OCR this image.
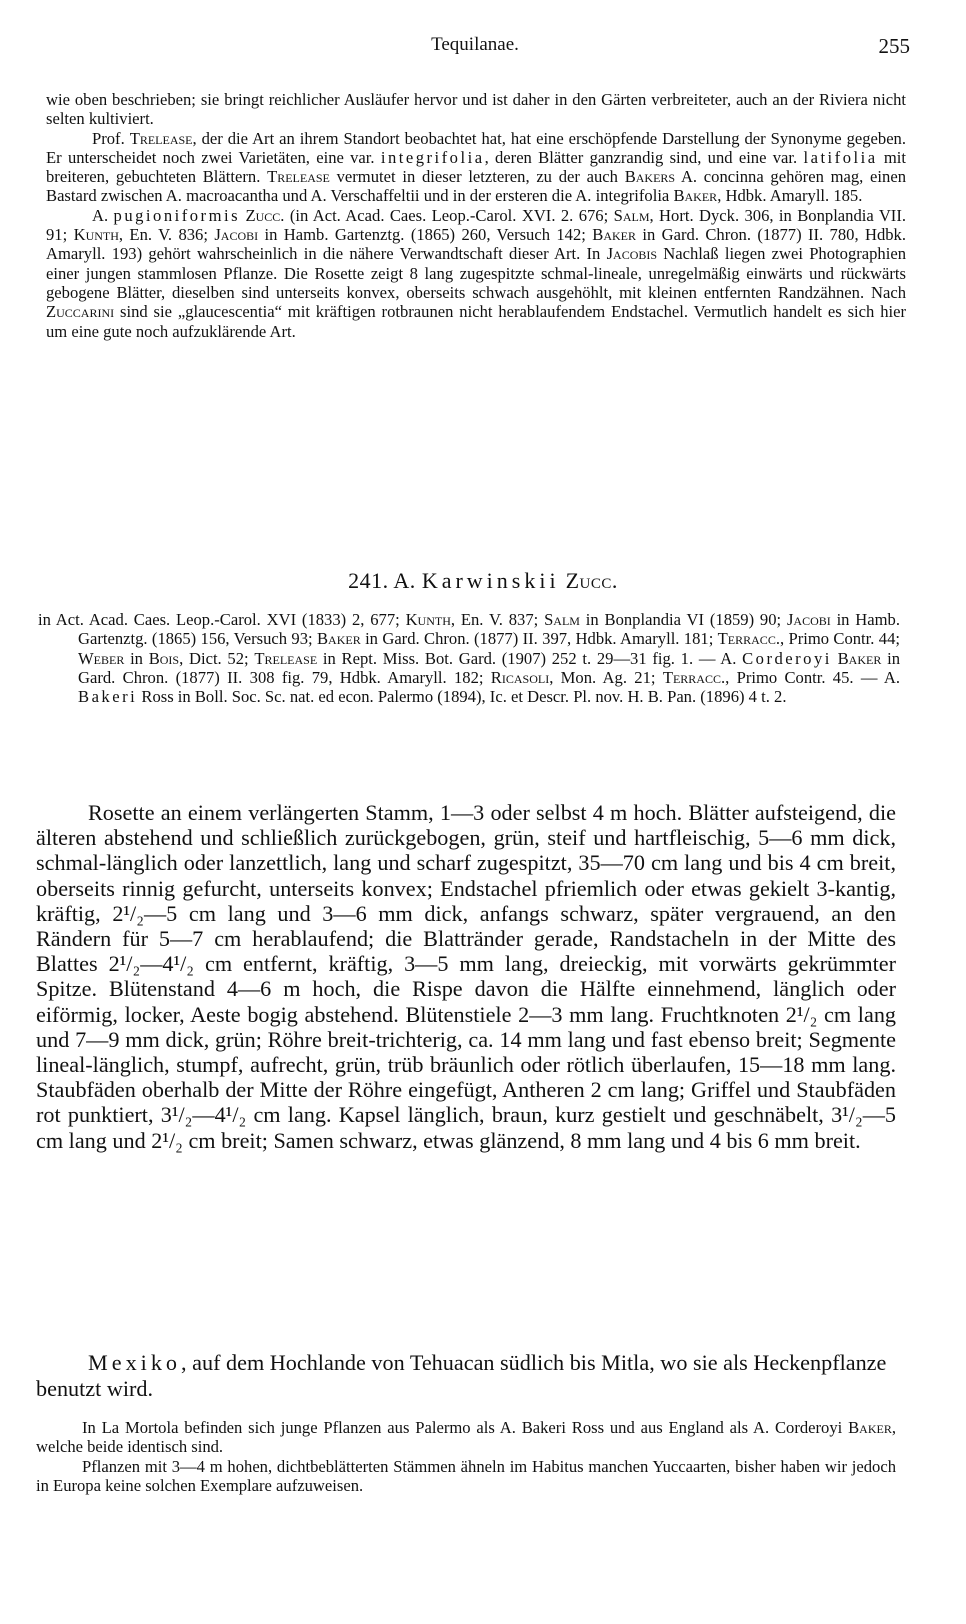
Tequilanae.	255

wie oben beschrieben; sie bringt reichlicher Ausläufer hervor und ist daher in den Gärten verbreiteter, auch an der Riviera nicht selten kultiviert.

Prof. Trelease, der die Art an ihrem Standort beobachtet hat, hat eine erschöpfende Darstellung der Synonyme gegeben. Er unterscheidet noch zwei Varietäten, eine var. integrifolia, deren Blätter ganzrandig sind, und eine var. latifolia mit breiteren, gebuchteten Blättern. Trelease vermutet in dieser letzteren, zu der auch Bakers A. concinna gehören mag, einen Bastard zwischen A. macroacantha und A. Verschaffeltii und in der ersteren die A. integrifolia Baker, Hdbk. Amaryll. 185.

A. pugioniformis Zucc. (in Act. Acad. Caes. Leop.-Carol. XVI. 2. 676; Salm, Hort. Dyck. 306, in Bonplandia VII. 91; Kunth, En. V. 836; Jacobi in Hamb. Gartenztg. (1865) 260, Versuch 142; Baker in Gard. Chron. (1877) II. 780, Hdbk. Amaryll. 193) gehört wahrscheinlich in die nähere Verwandtschaft dieser Art. In Jacobis Nachlaß liegen zwei Photographien einer jungen stammlosen Pflanze. Die Rosette zeigt 8 lang zugespitzte schmal-lineale, unregelmäßig einwärts und rückwärts gebogene Blätter, dieselben sind unterseits konvex, oberseits schwach ausgehöhlt, mit kleinen entfernten Randzähnen. Nach Zuccarini sind sie „glaucescentia“ mit kräftigen rotbraunen nicht herablaufendem Endstachel. Vermutlich handelt es sich hier um eine gute noch aufzuklärende Art.

241. A. Karwinskii Zucc.

in Act. Acad. Caes. Leop.-Carol. XVI (1833) 2, 677; Kunth, En. V. 837; Salm in Bonplandia VI (1859) 90; Jacobi in Hamb. Gartenztg. (1865) 156, Versuch 93; Baker in Gard. Chron. (1877) II. 397, Hdbk. Amaryll. 181; Terracc., Primo Contr. 44; Weber in Bois, Dict. 52; Trelease in Rept. Miss. Bot. Gard. (1907) 252 t. 29—31 fig. 1. — A. Corderoyi Baker in Gard. Chron. (1877) II. 308 fig. 79, Hdbk. Amaryll. 182; Ricasoli, Mon. Ag. 21; Terracc., Primo Contr. 45. — A. Bakeri Ross in Boll. Soc. Sc. nat. ed econ. Palermo (1894), Ic. et Descr. Pl. nov. H. B. Pan. (1896) 4 t. 2.

Rosette an einem verlängerten Stamm, 1—3 oder selbst 4 m hoch. Blätter aufsteigend, die älteren abstehend und schließlich zurückgebogen, grün, steif und hartfleischig, 5—6 mm dick, schmal-länglich oder lanzettlich, lang und scharf zugespitzt, 35—70 cm lang und bis 4 cm breit, oberseits rinnig gefurcht, unterseits konvex; Endstachel pfriemlich oder etwas gekielt 3-kantig, kräftig, 2¹/₂—5 cm lang und 3—6 mm dick, anfangs schwarz, später vergrauend, an den Rändern für 5—7 cm herablaufend; die Blattränder gerade, Randstacheln in der Mitte des Blattes 2¹/₂—4¹/₂ cm entfernt, kräftig, 3—5 mm lang, dreieckig, mit vorwärts gekrümmter Spitze. Blütenstand 4—6 m hoch, die Rispe davon die Hälfte einnehmend, länglich oder eiförmig, locker, Aeste bogig abstehend. Blütenstiele 2—3 mm lang. Fruchtknoten 2¹/₂ cm lang und 7—9 mm dick, grün; Röhre breit-trichterig, ca. 14 mm lang und fast ebenso breit; Segmente lineal-länglich, stumpf, aufrecht, grün, trüb bräunlich oder rötlich überlaufen, 15—18 mm lang. Staubfäden oberhalb der Mitte der Röhre eingefügt, Antheren 2 cm lang; Griffel und Staubfäden rot punktiert, 3¹/₂—4¹/₂ cm lang. Kapsel länglich, braun, kurz gestielt und geschnäbelt, 3¹/₂—5 cm lang und 2¹/₂ cm breit; Samen schwarz, etwas glänzend, 8 mm lang und 4 bis 6 mm breit.

Mexiko, auf dem Hochlande von Tehuacan südlich bis Mitla, wo sie als Heckenpflanze benutzt wird.

In La Mortola befinden sich junge Pflanzen aus Palermo als A. Bakeri Ross und aus England als A. Corderoyi Baker, welche beide identisch sind.

Pflanzen mit 3—4 m hohen, dichtbeblätterten Stämmen ähneln im Habitus manchen Yuccaarten, bisher haben wir jedoch in Europa keine solchen Exemplare aufzuweisen.
